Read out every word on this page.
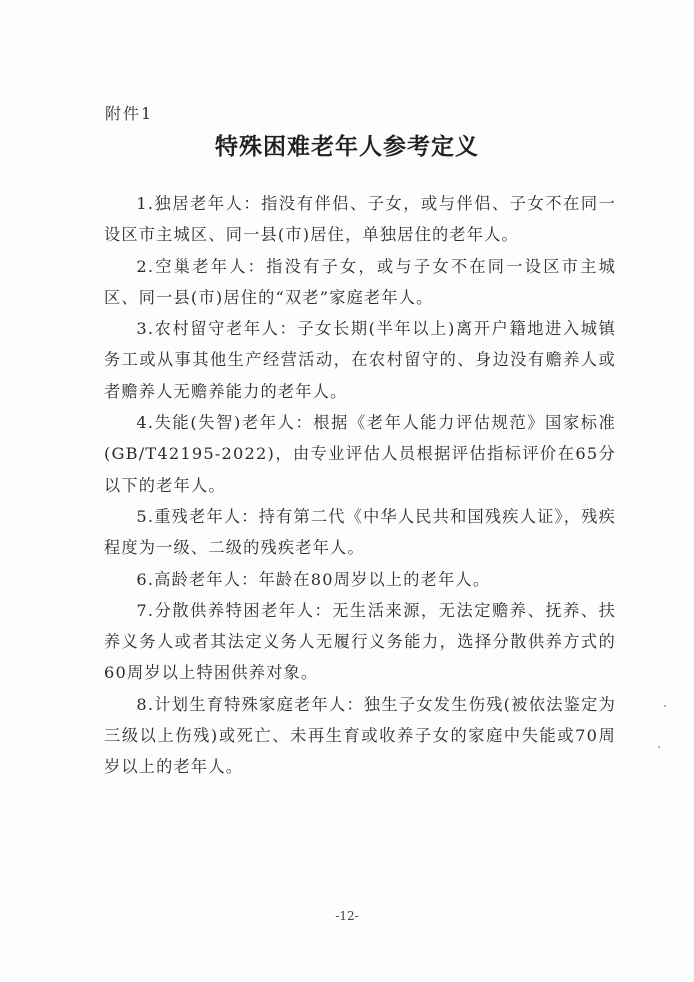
附件1
特殊困难老年人参考定义

1.独居老年人：指没有伴侣、子女，或与伴侣、子女不在同一设区市主城区、同一县(市)居住，单独居住的老年人。

2.空巢老年人：指没有子女，或与子女不在同一设区市主城区、同一县(市)居住的“双老”家庭老年人。

3.农村留守老年人：子女长期(半年以上)离开户籍地进入城镇务工或从事其他生产经营活动，在农村留守的、身边没有赡养人或者赡养人无赡养能力的老年人。

4.失能(失智)老年人：根据《老年人能力评估规范》国家标准(GB/T42195-2022)，由专业评估人员根据评估指标评价在65分以下的老年人。

5.重残老年人：持有第二代《中华人民共和国残疾人证》，残疾程度为一级、二级的残疾老年人。

6.高龄老年人：年龄在80周岁以上的老年人。

7.分散供养特困老年人：无生活来源，无法定赡养、抚养、扶养义务人或者其法定义务人无履行义务能力，选择分散供养方式的60周岁以上特困供养对象。

8.计划生育特殊家庭老年人：独生子女发生伤残(被依法鉴定为三级以上伤残)或死亡、未再生育或收养子女的家庭中失能或70周岁以上的老年人。

-12-
